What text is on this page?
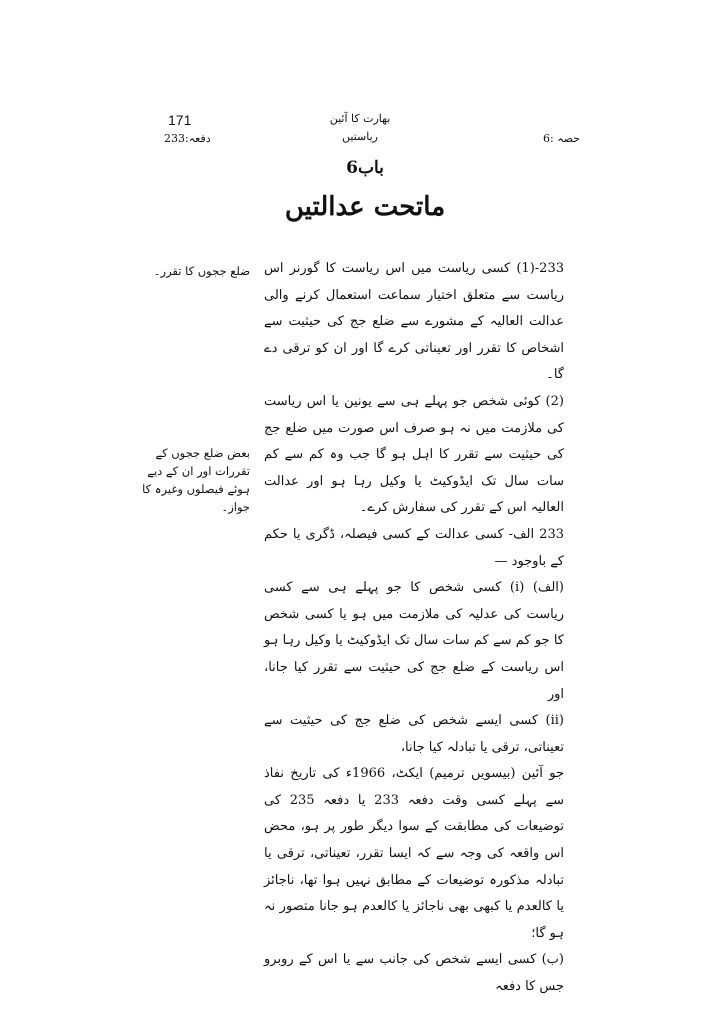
171
دفعہ:233
بھارت کا آئین
ریاستیں	حصہ :6
باب6
ماتحت عدالتیں
ضلع ججوں کا تقرر۔
بعض ضلع ججوں کے تقررات اور ان کے دیے ہوئے فیصلوں وغیرہ کا جواز۔

233-(1) کسی ریاست میں اس ریاست کا گورنر اس ریاست سے متعلق اختیار سماعت استعمال کرنے والی عدالت العالیہ کے مشورے سے ضلع جج کی حیثیت سے اشخاص کا تقرر اور تعیناتی کرے گا اور ان کو ترقی دے گا۔

(2) کوئی شخص جو پہلے ہی سے یونین یا اس ریاست کی ملازمت میں نہ ہو صرف اس صورت میں ضلع جج کی حیثیت سے تقرر کا اہل ہو گا جب وہ کم سے کم سات سال تک ایڈوکیٹ یا وکیل رہا ہو اور عدالت العالیہ اس کے تقرر کی سفارش کرے۔

233 الف- کسی عدالت کے کسی فیصلہ، ڈگری یا حکم کے باوجود —

(الف) (i) کسی شخص کا جو پہلے ہی سے کسی ریاست کی عدلیہ کی ملازمت میں ہو یا کسی شخص کا جو کم سے کم سات سال تک ایڈوکیٹ یا وکیل رہا ہو اس ریاست کے ضلع جج کی حیثیت سے تقرر کیا جانا، اور

(ii) کسی ایسے شخص کی ضلع جج کی حیثیت سے تعیناتی، ترقی یا تبادلہ کیا جانا،

جو آئین (بیسویں ترمیم) ایکٹ، 1966ء کی تاریخ نفاذ سے پہلے کسی وقت دفعہ 233 یا دفعہ 235 کی توضیعات کی مطابقت کے سوا دیگر طور پر ہو، محض اس واقعہ کی وجہ سے کہ ایسا تقرر، تعیناتی، ترقی یا تبادلہ مذکورہ توضیعات کے مطابق نہیں ہوا تھا، ناجائز یا کالعدم یا کبھی بھی ناجائز یا کالعدم ہو جانا متصور نہ ہو گا؛

(ب) کسی ایسے شخص کی جانب سے یا اس کے روبرو جس کا دفعہ
